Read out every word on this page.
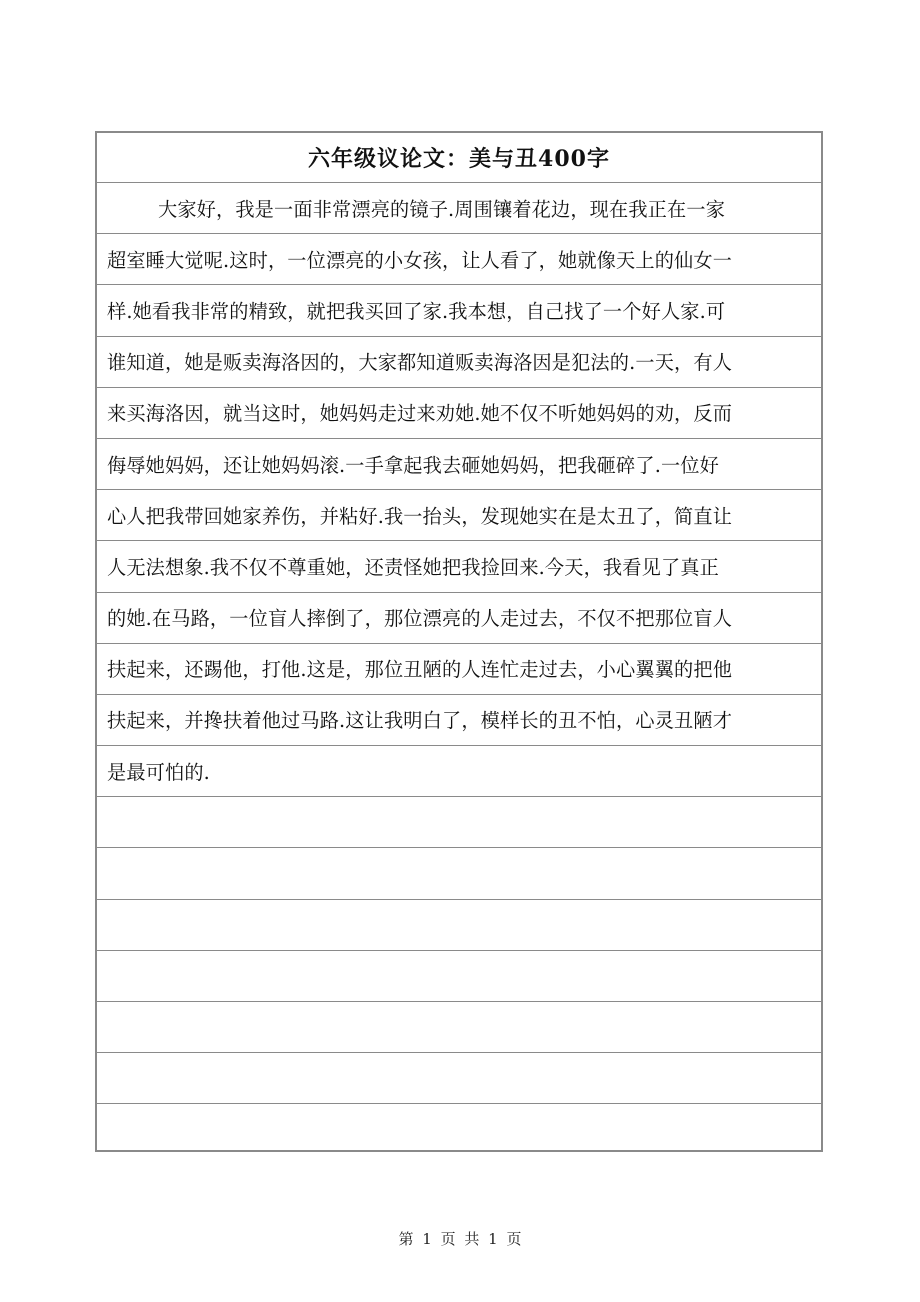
六年级议论文：美与丑400字
大家好，我是一面非常漂亮的镜子.周围镶着花边，现在我正在一家
超室睡大觉呢.这时，一位漂亮的小女孩，让人看了，她就像天上的仙女一
样.她看我非常的精致，就把我买回了家.我本想，自己找了一个好人家.可
谁知道，她是贩卖海洛因的，大家都知道贩卖海洛因是犯法的.一天，有人
来买海洛因，就当这时，她妈妈走过来劝她.她不仅不听她妈妈的劝，反而
侮辱她妈妈，还让她妈妈滚.一手拿起我去砸她妈妈，把我砸碎了.一位好
心人把我带回她家养伤，并粘好.我一抬头，发现她实在是太丑了，简直让
人无法想象.我不仅不尊重她，还责怪她把我捡回来.今天，我看见了真正
的她.在马路，一位盲人摔倒了，那位漂亮的人走过去，不仅不把那位盲人
扶起来，还踢他，打他.这是，那位丑陋的人连忙走过去，小心翼翼的把他
扶起来，并搀扶着他过马路.这让我明白了，模样长的丑不怕，心灵丑陋才
是最可怕的.
第 1 页 共 1 页
